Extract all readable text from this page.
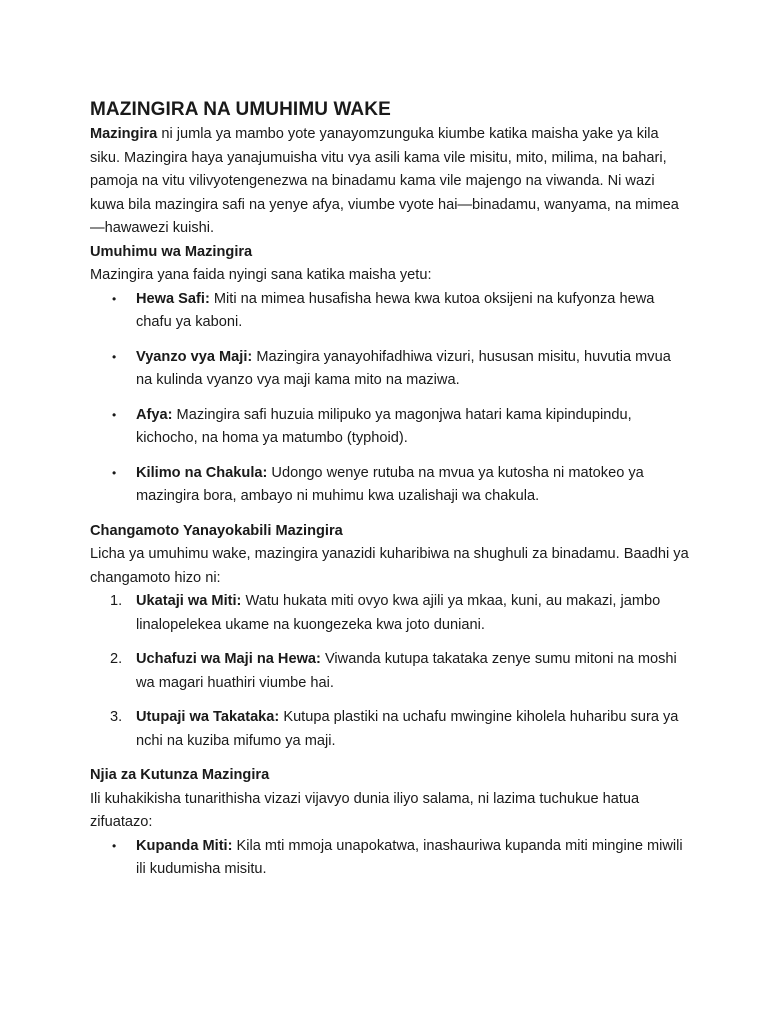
MAZINGIRA NA UMUHIMU WAKE

Mazingira ni jumla ya mambo yote yanayomzunguka kiumbe katika maisha yake ya kila siku. Mazingira haya yanajumuisha vitu vya asili kama vile misitu, mito, milima, na bahari, pamoja na vitu vilivyotengenezwa na binadamu kama vile majengo na viwanda. Ni wazi kuwa bila mazingira safi na yenye afya, viumbe vyote hai—binadamu, wanyama, na mimea—hawawezi kuishi.

Umuhimu wa Mazingira

Mazingira yana faida nyingi sana katika maisha yetu:

•	Hewa Safi: Miti na mimea husafisha hewa kwa kutoa oksijeni na kufyonza hewa chafu ya kaboni.
•	Vyanzo vya Maji: Mazingira yanayohifadhiwa vizuri, hususan misitu, huvutia mvua na kulinda vyanzo vya maji kama mito na maziwa.
•	Afya: Mazingira safi huzuia milipuko ya magonjwa hatari kama kipindupindu, kichocho, na homa ya matumbo (typhoid).
•	Kilimo na Chakula: Udongo wenye rutuba na mvua ya kutosha ni matokeo ya mazingira bora, ambayo ni muhimu kwa uzalishaji wa chakula.
Changamoto Yanayokabili Mazingira

Licha ya umuhimu wake, mazingira yanazidi kuharibiwa na shughuli za binadamu. Baadhi ya changamoto hizo ni:

1. Ukataji wa Miti: Watu hukata miti ovyo kwa ajili ya mkaa, kuni, au makazi, jambo linalopelekea ukame na kuongezeka kwa joto duniani.
2. Uchafuzi wa Maji na Hewa: Viwanda kutupa takataka zenye sumu mitoni na moshi wa magari huathiri viumbe hai.
3. Utupaji wa Takataka: Kutupa plastiki na uchafu mwingine kiholela huharibu sura ya nchi na kuziba mifumo ya maji.
Njia za Kutunza Mazingira

Ili kuhakikisha tunarithisha vizazi vijavyo dunia iliyo salama, ni lazima tuchukue hatua zifuatazo:

•	Kupanda Miti: Kila mti mmoja unapokatwa, inashauriwa kupanda miti mingine miwili ili kudumisha misitu.
